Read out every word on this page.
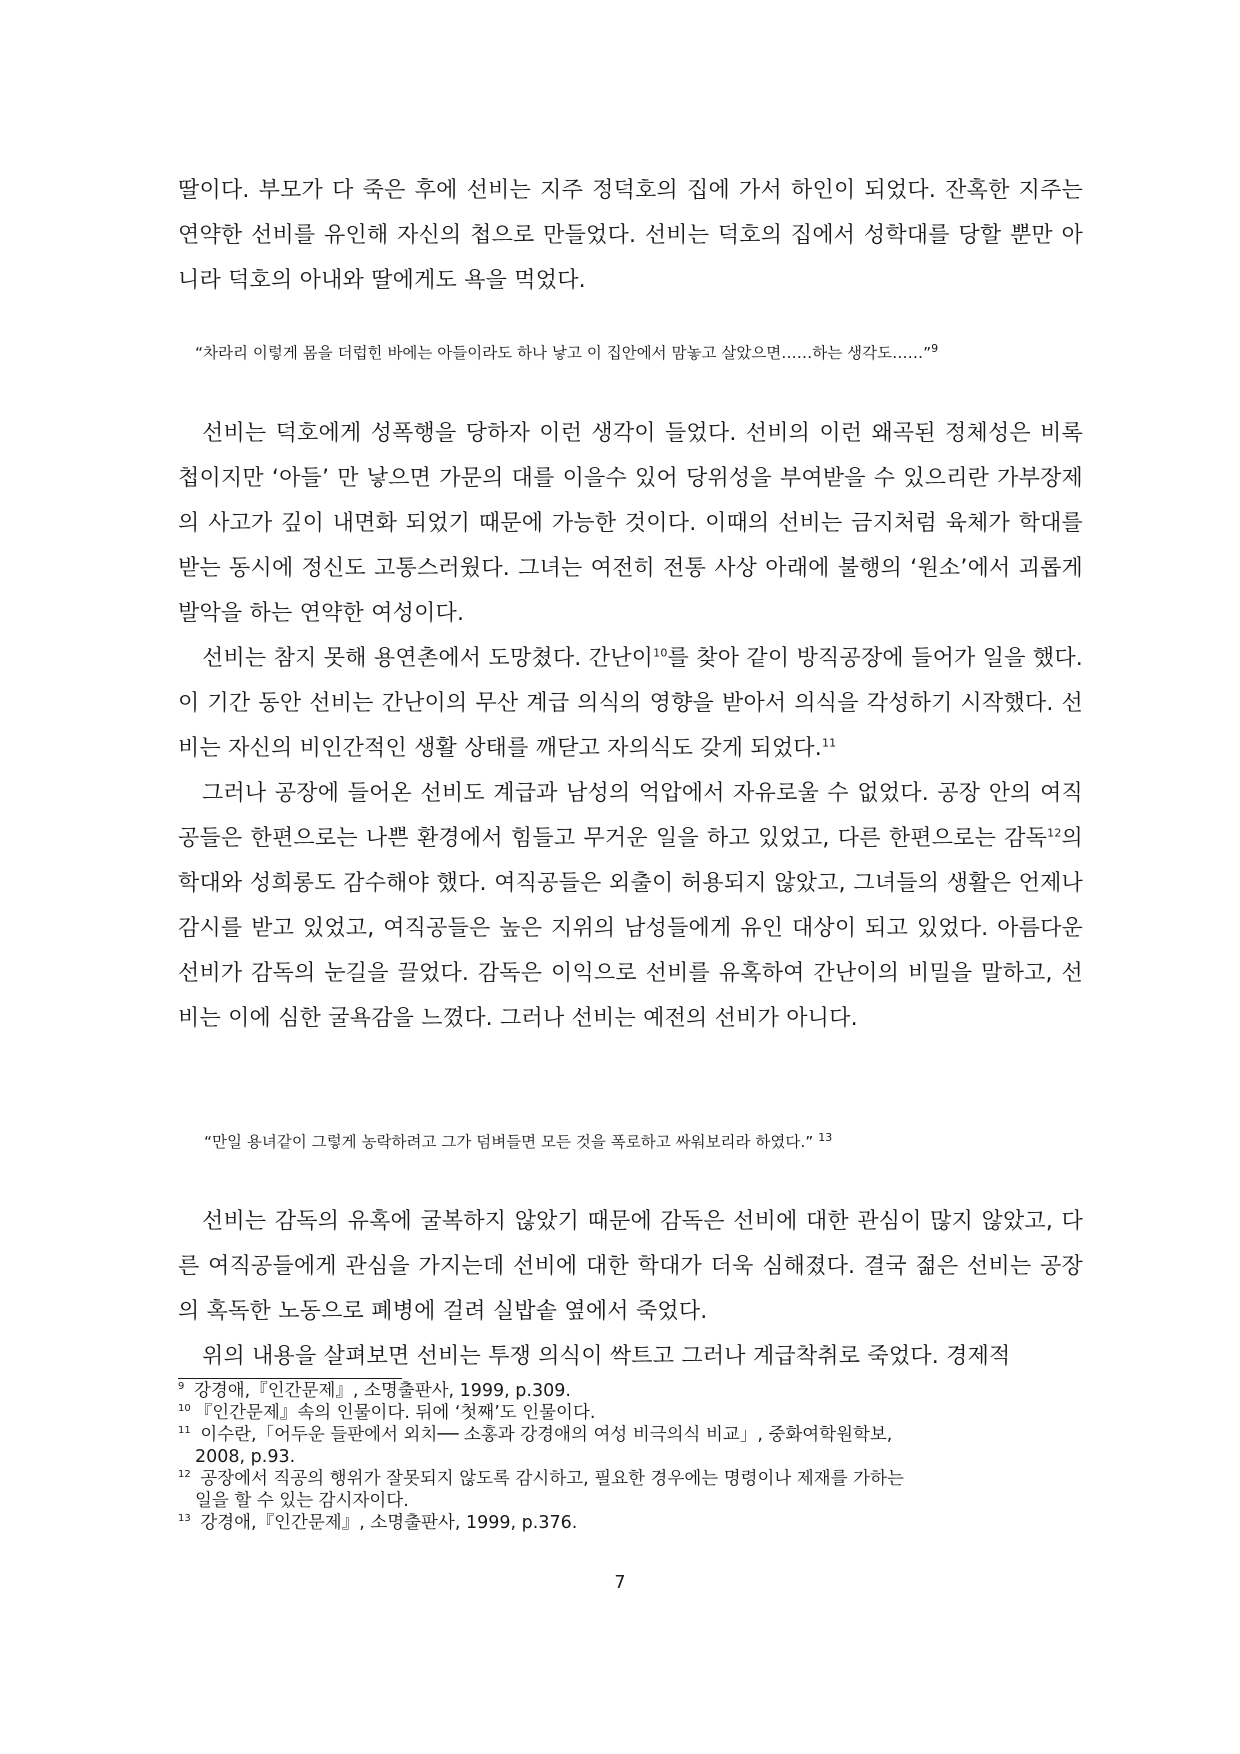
딸이다. 부모가 다 죽은 후에 선비는 지주 정덕호의 집에 가서 하인이 되었다. 잔혹한 지주는 연약한 선비를 유인해 자신의 첩으로 만들었다. 선비는 덕호의 집에서 성학대를 당할 뿐만 아니라 덕호의 아내와 딸에게도 욕을 먹었다.

“차라리 이렇게 몸을 더럽힌 바에는 아들이라도 하나 낳고 이 집안에서 맘놓고 살았으면……하는 생각도……”$^9$

선비는 덕호에게 성폭행을 당하자 이런 생각이 들었다. 선비의 이런 왜곡된 정체성은 비록 첩이지만 ‘아들’ 만 낳으면 가문의 대를 이을수 있어 당위성을 부여받을 수 있으리란 가부장제의 사고가 깊이 내면화 되었기 때문에 가능한 것이다. 이때의 선비는 금지처럼 육체가 학대를 받는 동시에 정신도 고통스러웠다. 그녀는 여전히 전통 사상 아래에 불행의 ‘원소’에서 괴롭게 발악을 하는 연약한 여성이다.

선비는 참지 못해 용연촌에서 도망쳤다. 간난이$^{10}$를 찾아 같이 방직공장에 들어가 일을 했다. 이 기간 동안 선비는 간난이의 무산 계급 의식의 영향을 받아서 의식을 각성하기 시작했다. 선비는 자신의 비인간적인 생활 상태를 깨닫고 자의식도 갖게 되었다.$^{11}$

그러나 공장에 들어온 선비도 계급과 남성의 억압에서 자유로울 수 없었다. 공장 안의 여직공들은 한편으로는 나쁜 환경에서 힘들고 무거운 일을 하고 있었고, 다른 한편으로는 감독$^{12}$의 학대와 성희롱도 감수해야 했다. 여직공들은 외출이 허용되지 않았고, 그녀들의 생활은 언제나 감시를 받고 있었고, 여직공들은 높은 지위의 남성들에게 유인 대상이 되고 있었다. 아름다운 선비가 감독의 눈길을 끌었다. 감독은 이익으로 선비를 유혹하여 간난이의 비밀을 말하고, 선비는 이에 심한 굴욕감을 느꼈다. 그러나 선비는 예전의 선비가 아니다.

“만일 용녀같이 그렇게 농락하려고 그가 덤벼들면 모든 것을 폭로하고 싸워보리라 하였다.” $^{13}$

선비는 감독의 유혹에 굴복하지 않았기 때문에 감독은 선비에 대한 관심이 많지 않았고, 다른 여직공들에게 관심을 가지는데 선비에 대한 학대가 더욱 심해졌다. 결국 젊은 선비는 공장의 혹독한 노동으로 폐병에 걸려 실밥솥 옆에서 죽었다.

위의 내용을 살펴보면 선비는 투쟁 의식이 싹트고 그러나 계급착취로 죽었다. 경제적

$^9$ 강경애,『인간문제』, 소명출판사, 1999, p.309.

$^{10}$ 『인간문제』속의 인물이다. 뒤에 ‘첫째’도 인물이다.

$^{11}$ 이수란,「어두운 들판에서 외치── 소홍과 강경애의 여성 비극의식 비교」, 중화여학원학보,
2008, p.93.

$^{12}$ 공장에서 직공의 행위가 잘못되지 않도록 감시하고, 필요한 경우에는 명령이나 제재를 가하는
일을 할 수 있는 감시자이다.

$^{13}$ 강경애,『인간문제』, 소명출판사, 1999, p.376.

7
